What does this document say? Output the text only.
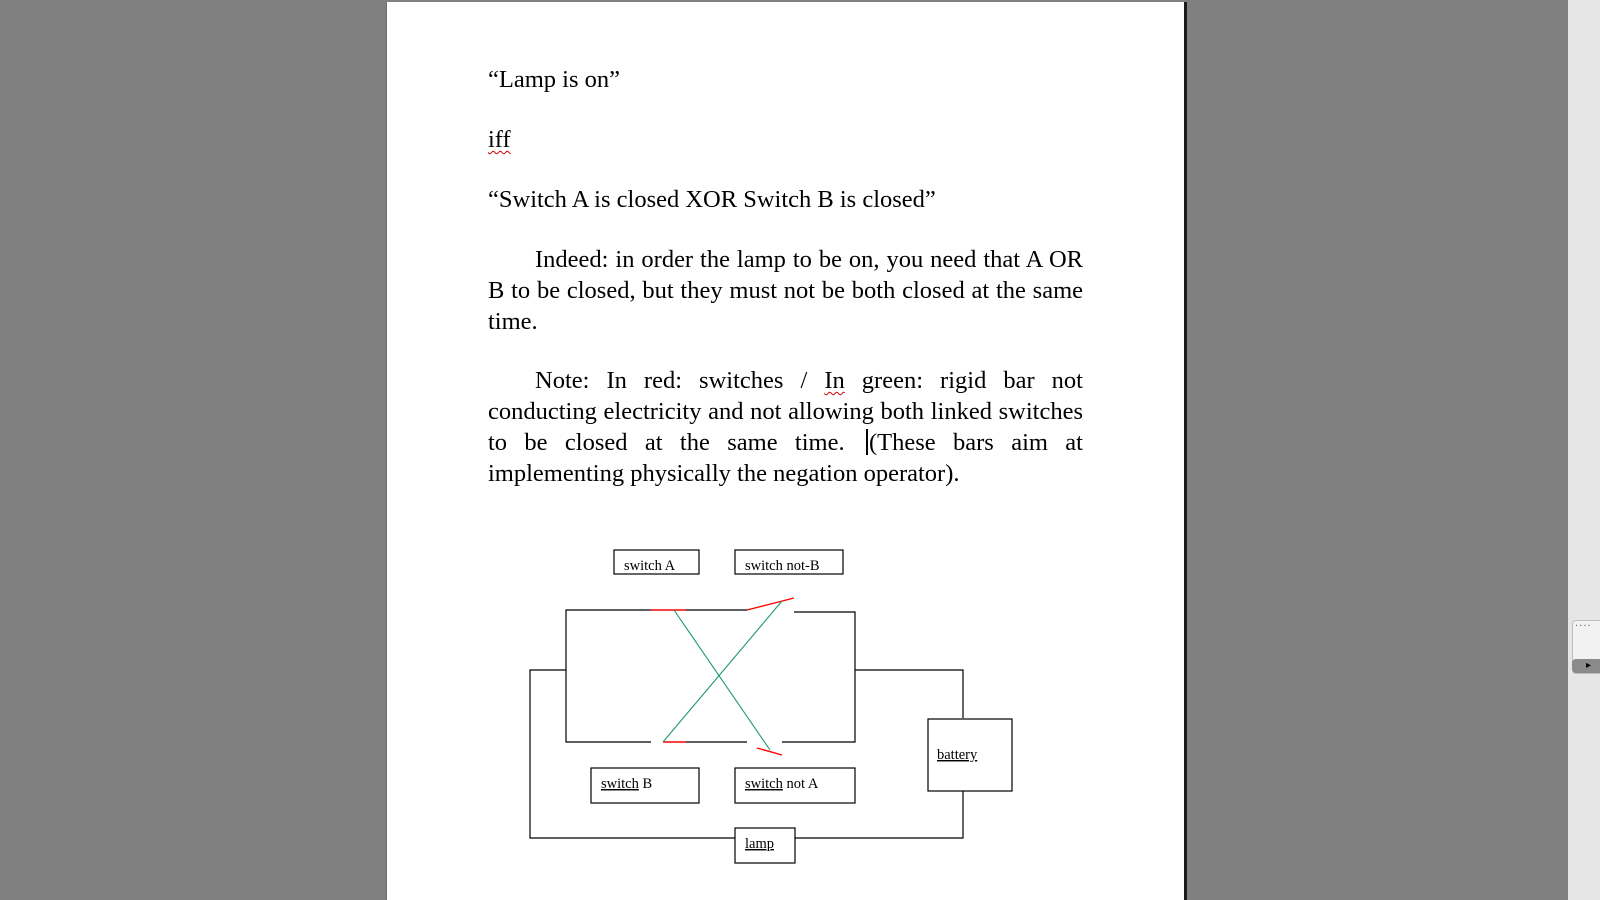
“Lamp is on”

iff

“Switch A is closed XOR Switch B is closed”

Indeed: in order the lamp to be on, you need that A OR B to be closed, but they must not be both closed at the same time.

Note: In red: switches / In green: rigid bar not conducting electricity and not allowing both linked switches to be closed at the same time. (These bars aim at implementing physically the negation operator).

switch A	switch not-B
switch B	switch not A
battery
lamp
····
▸
